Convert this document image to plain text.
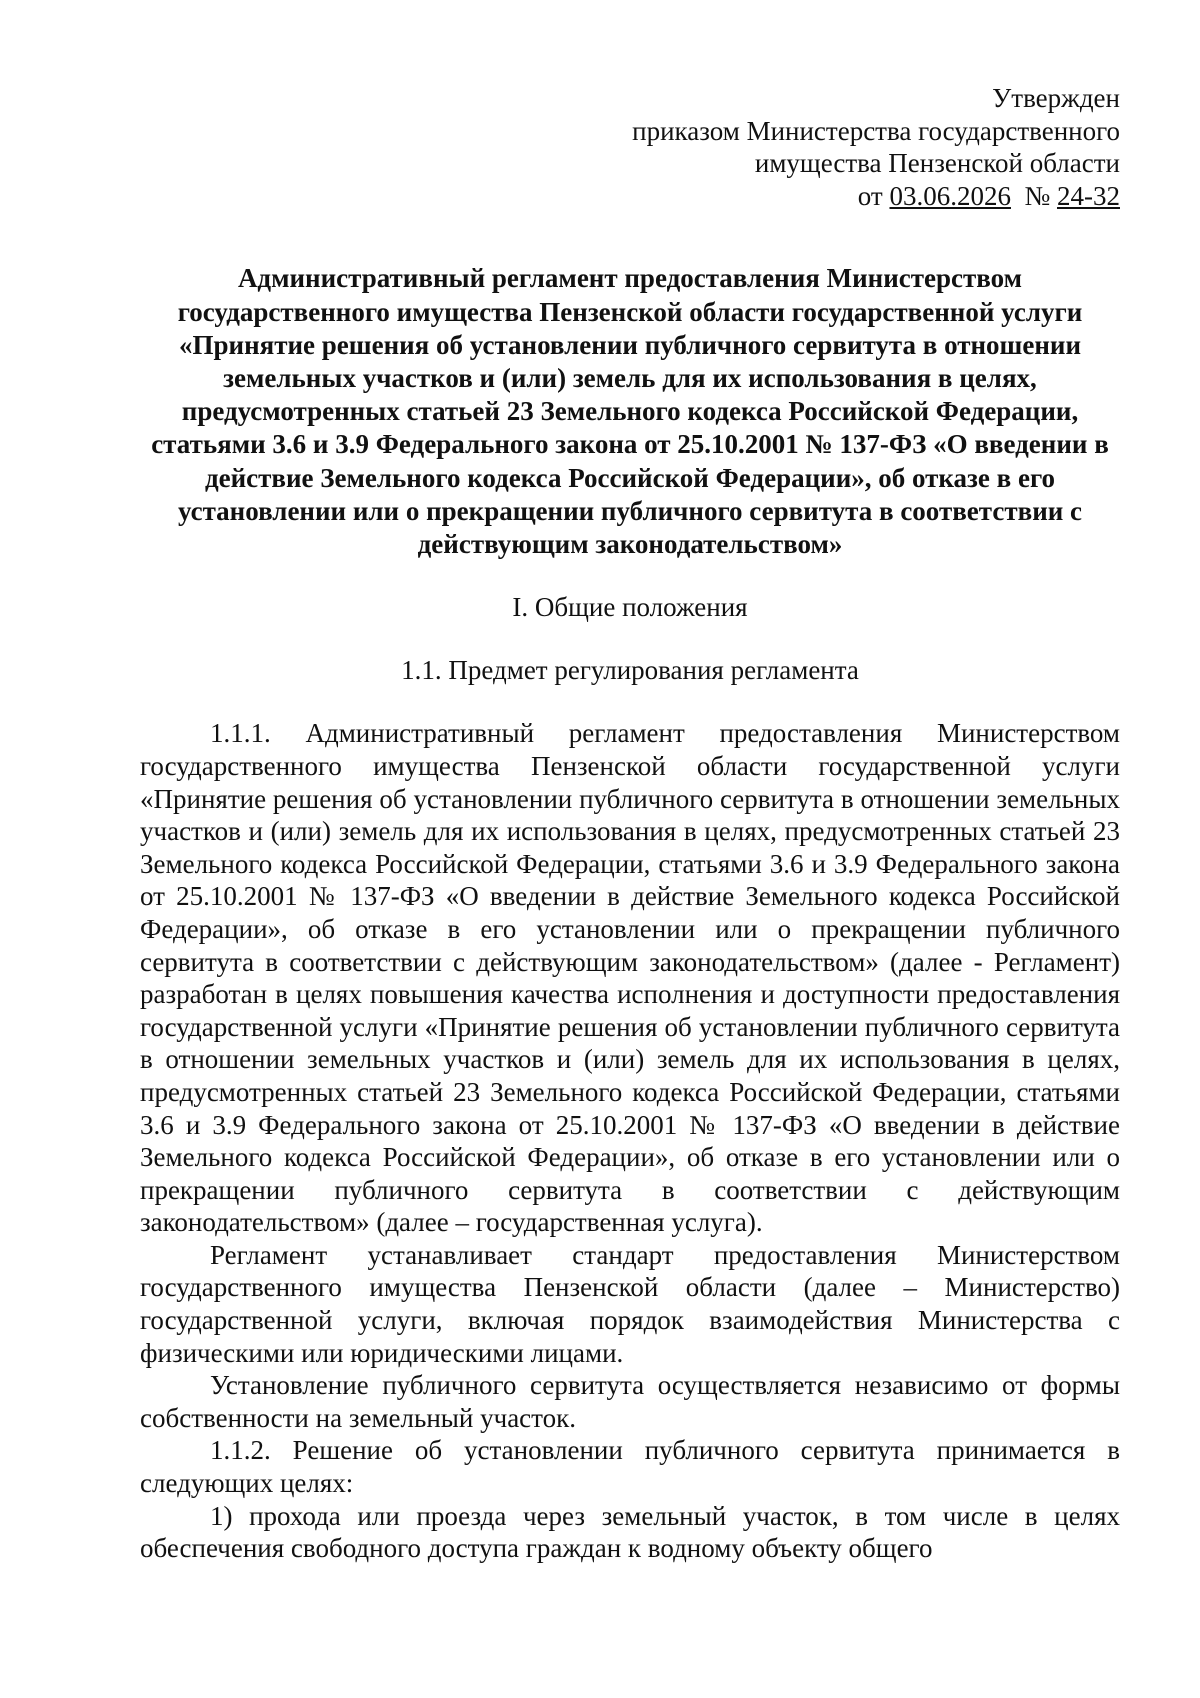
Утвержден
приказом Министерства государственного
имущества Пензенской области
от 03.06.2026 № 24-32
Административный регламент предоставления Министерством государственного имущества Пензенской области государственной услуги «Принятие решения об установлении публичного сервитута в отношении земельных участков и (или) земель для их использования в целях, предусмотренных статьей 23 Земельного кодекса Российской Федерации, статьями 3.6 и 3.9 Федерального закона от 25.10.2001 № 137-ФЗ «О введении в действие Земельного кодекса Российской Федерации», об отказе в его установлении или о прекращении публичного сервитута в соответствии с действующим законодательством»
I. Общие положения
1.1. Предмет регулирования регламента

1.1.1. Административный регламент предоставления Министерством государственного имущества Пензенской области государственной услуги «Принятие решения об установлении публичного сервитута в отношении земельных участков и (или) земель для их использования в целях, предусмотренных статьей 23 Земельного кодекса Российской Федерации, статьями 3.6 и 3.9 Федерального закона от 25.10.2001 № 137-ФЗ «О введении в действие Земельного кодекса Российской Федерации», об отказе в его установлении или о прекращении публичного сервитута в соответствии с действующим законодательством» (далее - Регламент) разработан в целях повышения качества исполнения и доступности предоставления государственной услуги «Принятие решения об установлении публичного сервитута в отношении земельных участков и (или) земель для их использования в целях, предусмотренных статьей 23 Земельного кодекса Российской Федерации, статьями 3.6 и 3.9 Федерального закона от 25.10.2001 № 137-ФЗ «О введении в действие Земельного кодекса Российской Федерации», об отказе в его установлении или о прекращении публичного сервитута в соответствии с действующим законодательством» (далее – государственная услуга).

Регламент устанавливает стандарт предоставления Министерством государственного имущества Пензенской области (далее – Министерство) государственной услуги, включая порядок взаимодействия Министерства с физическими или юридическими лицами.

Установление публичного сервитута осуществляется независимо от формы собственности на земельный участок.

1.1.2. Решение об установлении публичного сервитута принимается в следующих целях:

1) прохода или проезда через земельный участок, в том числе в целях обеспечения свободного доступа граждан к водному объекту общего
